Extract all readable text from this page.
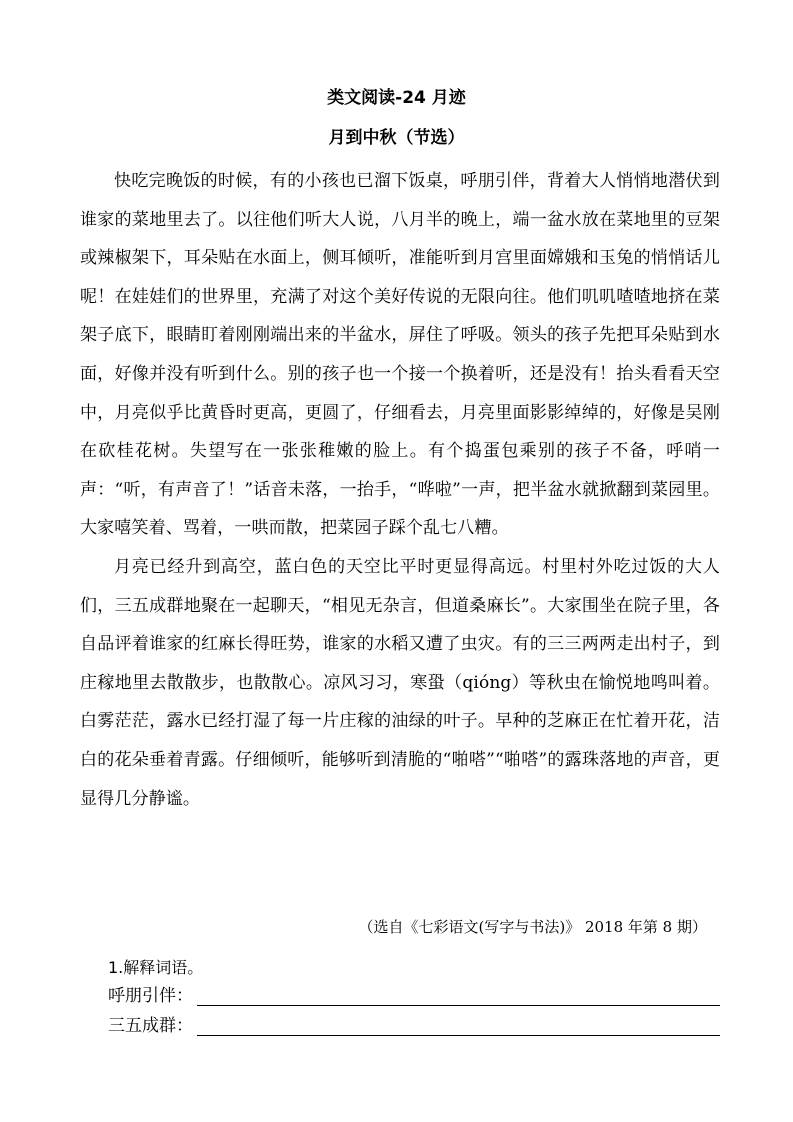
类文阅读-24 月迹
月到中秋（节选）

快吃完晚饭的时候，有的小孩也已溜下饭桌，呼朋引伴，背着大人悄悄地潜伏到谁家的菜地里去了。以往他们听大人说，八月半的晚上，端一盆水放在菜地里的豆架或辣椒架下，耳朵贴在水面上，侧耳倾听，准能听到月宫里面嫦娥和玉兔的悄悄话儿呢！在娃娃们的世界里，充满了对这个美好传说的无限向往。他们叽叽喳喳地挤在菜架子底下，眼睛盯着刚刚端出来的半盆水，屏住了呼吸。领头的孩子先把耳朵贴到水面，好像并没有听到什么。别的孩子也一个接一个换着听，还是没有！抬头看看天空中，月亮似乎比黄昏时更高，更圆了，仔细看去，月亮里面影影绰绰的，好像是吴刚在砍桂花树。失望写在一张张稚嫩的脸上。有个捣蛋包乘别的孩子不备，呼哨一声：“听，有声音了！”话音未落，一抬手，“哗啦”一声，把半盆水就掀翻到菜园里。大家嘻笑着、骂着，一哄而散，把菜园子踩个乱七八糟。

月亮已经升到高空，蓝白色的天空比平时更显得高远。村里村外吃过饭的大人们，三五成群地聚在一起聊天，“相见无杂言，但道桑麻长”。大家围坐在院子里，各自品评着谁家的红麻长得旺势，谁家的水稻又遭了虫灾。有的三三两两走出村子，到庄稼地里去散散步，也散散心。凉风习习，寒蛩（qióng）等秋虫在愉悦地鸣叫着。白雾茫茫，露水已经打湿了每一片庄稼的油绿的叶子。早种的芝麻正在忙着开花，洁白的花朵垂着青露。仔细倾听，能够听到清脆的“啪嗒”“啪嗒”的露珠落地的声音，更显得几分静谧。

（选自《七彩语文(写字与书法)》 2018 年第 8 期）
1.解释词语。
呼朋引伴：
三五成群：
